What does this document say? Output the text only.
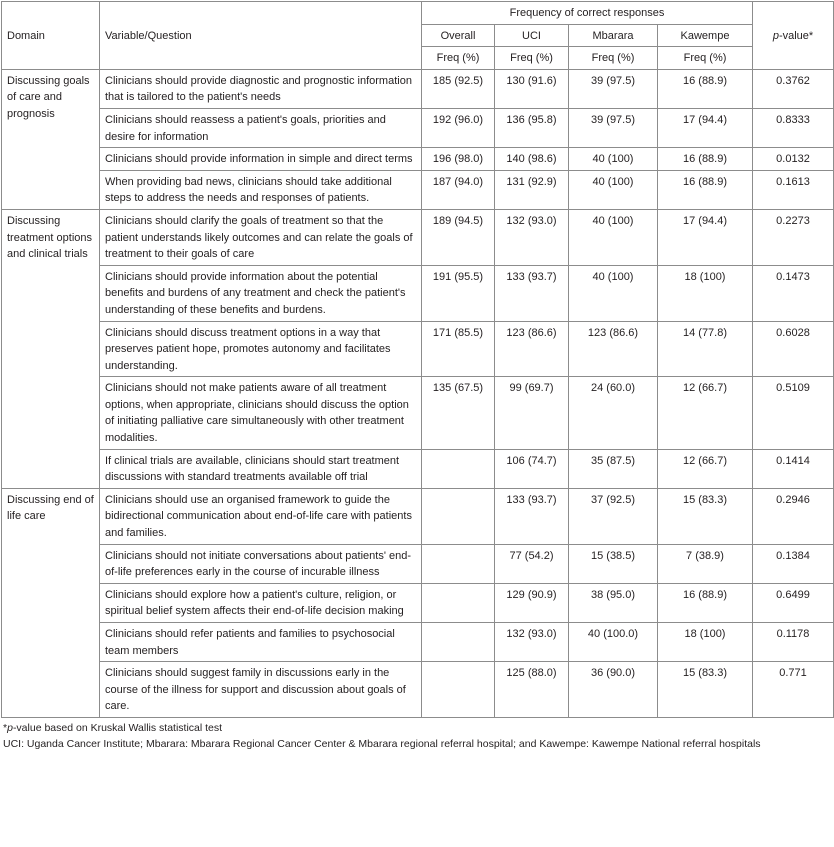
Domain	Variable/Question	Frequency of correct responses				p-value*
		Overall	UCI	Mbarara	Kawempe	
		Freq (%)	Freq (%)	Freq (%)	Freq (%)	
Discussing goals of care and prognosis	Clinicians should provide diagnostic and prognostic information that is tailored to the patient's needs	185 (92.5)	130 (91.6)	39 (97.5)	16 (88.9)	0.3762
	Clinicians should reassess a patient's goals, priorities and desire for information	192 (96.0)	136 (95.8)	39 (97.5)	17 (94.4)	0.8333
	Clinicians should provide information in simple and direct terms	196 (98.0)	140 (98.6)	40 (100)	16 (88.9)	0.0132
	When providing bad news, clinicians should take additional steps to address the needs and responses of patients.	187 (94.0)	131 (92.9)	40 (100)	16 (88.9)	0.1613
Discussing treatment options and clinical trials	Clinicians should clarify the goals of treatment so that the patient understands likely outcomes and can relate the goals of treatment to their goals of care	189 (94.5)	132 (93.0)	40 (100)	17 (94.4)	0.2273
	Clinicians should provide information about the potential benefits and burdens of any treatment and check the patient's understanding of these benefits and burdens.	191 (95.5)	133 (93.7)	40 (100)	18 (100)	0.1473
	Clinicians should discuss treatment options in a way that preserves patient hope, promotes autonomy and facilitates understanding.	171 (85.5)	123 (86.6)	123 (86.6)	14 (77.8)	0.6028
	Clinicians should not make patients aware of all treatment options, when appropriate, clinicians should discuss the option of initiating palliative care simultaneously with other treatment modalities.	135 (67.5)	99 (69.7)	24 (60.0)	12 (66.7)	0.5109
	If clinical trials are available, clinicians should start treatment discussions with standard treatments available off trial		106 (74.7)	35 (87.5)	12 (66.7)	0.1414
Discussing end of life care	Clinicians should use an organised framework to guide the bidirectional communication about end-of-life care with patients and families.		133 (93.7)	37 (92.5)	15 (83.3)	0.2946
	Clinicians should not initiate conversations about patients' end-of-life preferences early in the course of incurable illness		77 (54.2)	15 (38.5)	7 (38.9)	0.1384
	Clinicians should explore how a patient's culture, religion, or spiritual belief system affects their end-of-life decision making		129 (90.9)	38 (95.0)	16 (88.9)	0.6499
	Clinicians should refer patients and families to psychosocial team members		132 (93.0)	40 (100.0)	18 (100)	0.1178
	Clinicians should suggest family in discussions early in the course of the illness for support and discussion about goals of care.		125 (88.0)	36 (90.0)	15 (83.3)	0.771
*p-value based on Kruskal Wallis statistical test
UCI: Uganda Cancer Institute; Mbarara: Mbarara Regional Cancer Center & Mbarara regional referral hospital; and Kawempe: Kawempe National referral hospitals
